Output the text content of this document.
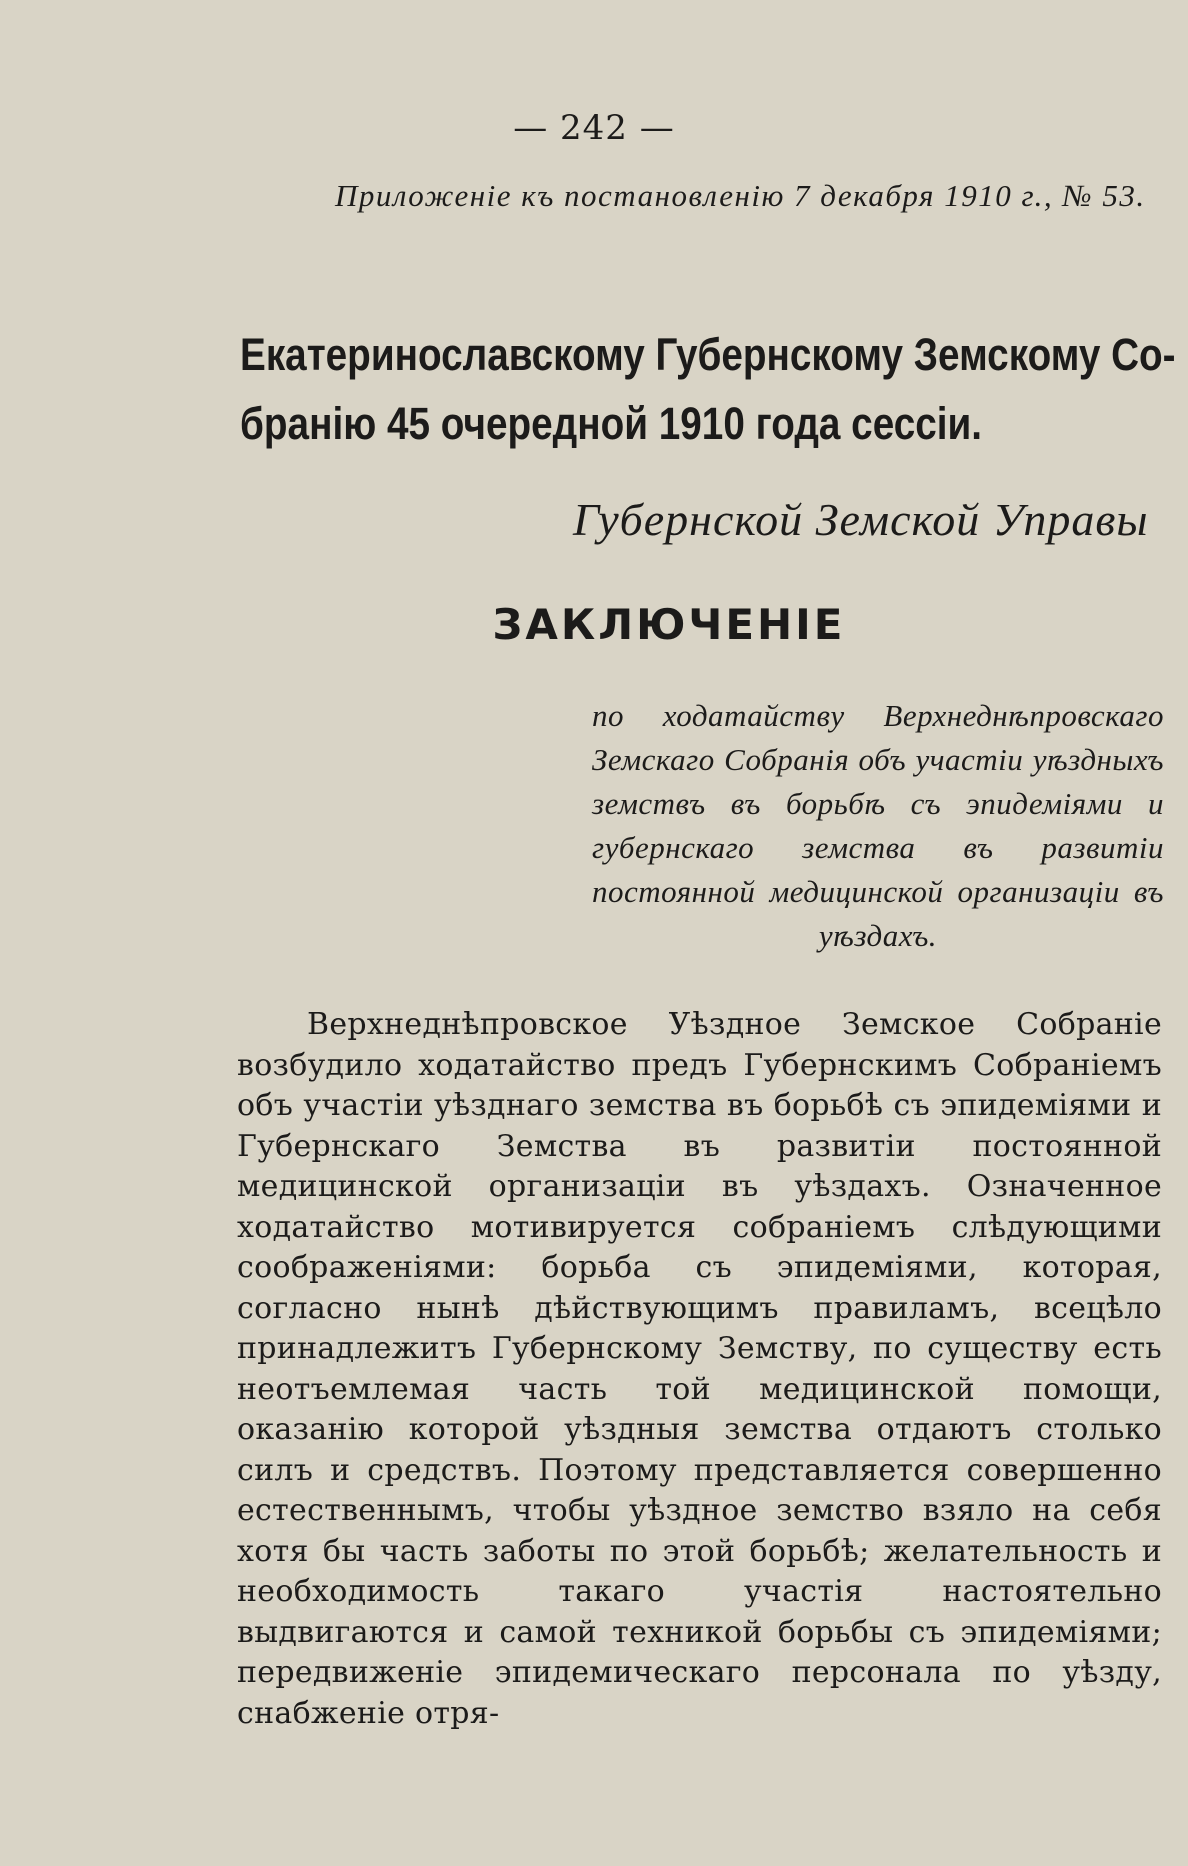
— 242 —
Приложеніе къ постановленію 7 декабря 1910 г., № 53.
Екатеринославскому Губернскому Земскому Со-
бранію 45 очередной 1910 года сессіи.
Губернской Земской Управы
ЗАКЛЮЧЕНІЕ
по ходатайству Верхнеднѣпровскаго Земскаго Собранія объ участіи уѣздныхъ земствъ въ борьбѣ съ эпидеміями и губернскаго земства въ развитіи постоянной медицинской организаціи въ уѣздахъ.
Верхнеднѣпровское Уѣздное Земское Собраніе возбудило ходатайство предъ Губернскимъ Собраніемъ объ участіи уѣзднаго земства въ борьбѣ съ эпидеміями и Губернскаго Земства въ развитіи постоянной медицинской организаціи въ уѣздахъ. Означенное ходатайство мотивируется собраніемъ слѣдующими соображеніями: борьба съ эпидеміями, которая, согласно нынѣ дѣйствующимъ правиламъ, всецѣло принадлежитъ Губернскому Земству, по существу есть неотъемлемая часть той медицинской помощи, оказанію которой уѣздныя земства отдаютъ столько силъ и средствъ. Поэтому представляется совершенно естественнымъ, чтобы уѣздное земство взяло на себя хотя бы часть заботы по этой борьбѣ; желательность и необходимость такаго участія настоятельно выдвигаются и самой техникой борьбы съ эпидеміями; передвиженіе эпидемическаго персонала по уѣзду, снабженіе отря-
